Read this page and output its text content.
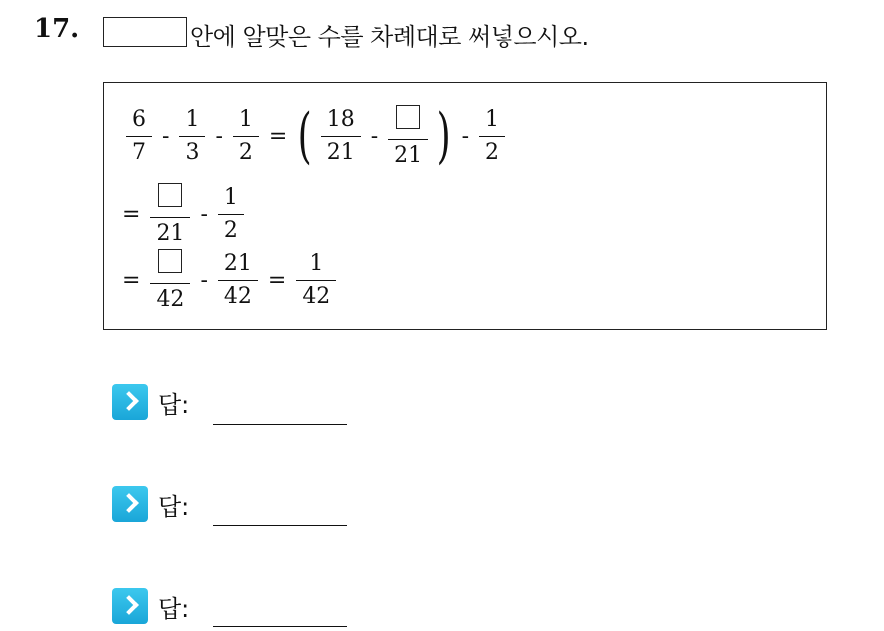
17.	안에 알맞은 수를 차례대로 써넣으시오.
$\frac{6}{7} - \frac{1}{3} - \frac{1}{2}$ = ( $\frac{18}{21}$ -
21 ) - $\frac{1}{2}$
=
21
- $\frac{1}{2}$
=
42
- $\frac{21}{42} = \frac{1}{42}$
답:
답:
답:
